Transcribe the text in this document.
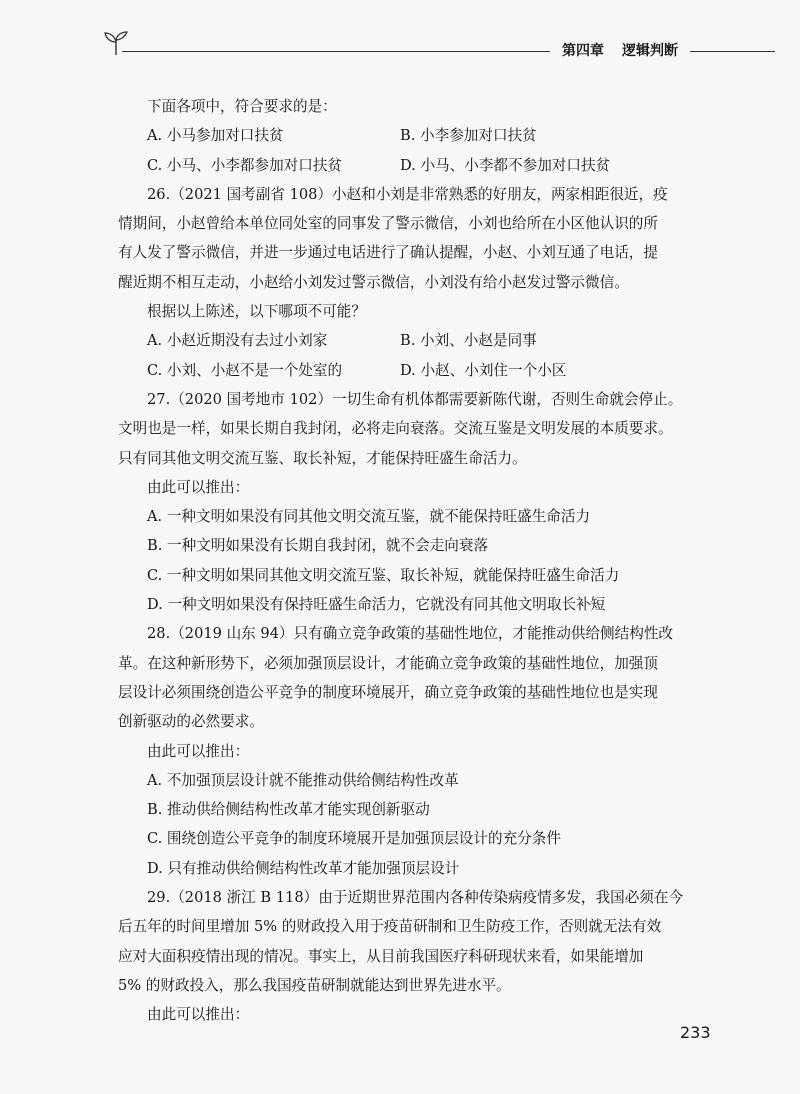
第四章 逻辑判断
下面各项中，符合要求的是：
A. 小马参加对口扶贫	B. 小李参加对口扶贫
C. 小马、小李都参加对口扶贫	D. 小马、小李都不参加对口扶贫
26.（2021 国考副省 108）小赵和小刘是非常熟悉的好朋友，两家相距很近，疫
情期间，小赵曾给本单位同处室的同事发了警示微信，小刘也给所在小区他认识的所
有人发了警示微信，并进一步通过电话进行了确认提醒，小赵、小刘互通了电话，提
醒近期不相互走动，小赵给小刘发过警示微信，小刘没有给小赵发过警示微信。
根据以上陈述，以下哪项不可能？
A. 小赵近期没有去过小刘家	B. 小刘、小赵是同事
C. 小刘、小赵不是一个处室的	D. 小赵、小刘住一个小区
27.（2020 国考地市 102）一切生命有机体都需要新陈代谢，否则生命就会停止。
文明也是一样，如果长期自我封闭，必将走向衰落。交流互鉴是文明发展的本质要求。
只有同其他文明交流互鉴、取长补短，才能保持旺盛生命活力。
由此可以推出：
A. 一种文明如果没有同其他文明交流互鉴，就不能保持旺盛生命活力
B. 一种文明如果没有长期自我封闭，就不会走向衰落
C. 一种文明如果同其他文明交流互鉴、取长补短，就能保持旺盛生命活力
D. 一种文明如果没有保持旺盛生命活力，它就没有同其他文明取长补短
28.（2019 山东 94）只有确立竞争政策的基础性地位，才能推动供给侧结构性改
革。在这种新形势下，必须加强顶层设计，才能确立竞争政策的基础性地位，加强顶
层设计必须围绕创造公平竞争的制度环境展开，确立竞争政策的基础性地位也是实现
创新驱动的必然要求。
由此可以推出：
A. 不加强顶层设计就不能推动供给侧结构性改革
B. 推动供给侧结构性改革才能实现创新驱动
C. 围绕创造公平竞争的制度环境展开是加强顶层设计的充分条件
D. 只有推动供给侧结构性改革才能加强顶层设计
29.（2018 浙江 B 118）由于近期世界范围内各种传染病疫情多发，我国必须在今
后五年的时间里增加 5% 的财政投入用于疫苗研制和卫生防疫工作，否则就无法有效
应对大面积疫情出现的情况。事实上，从目前我国医疗科研现状来看，如果能增加
5% 的财政投入，那么我国疫苗研制就能达到世界先进水平。
由此可以推出：
233
